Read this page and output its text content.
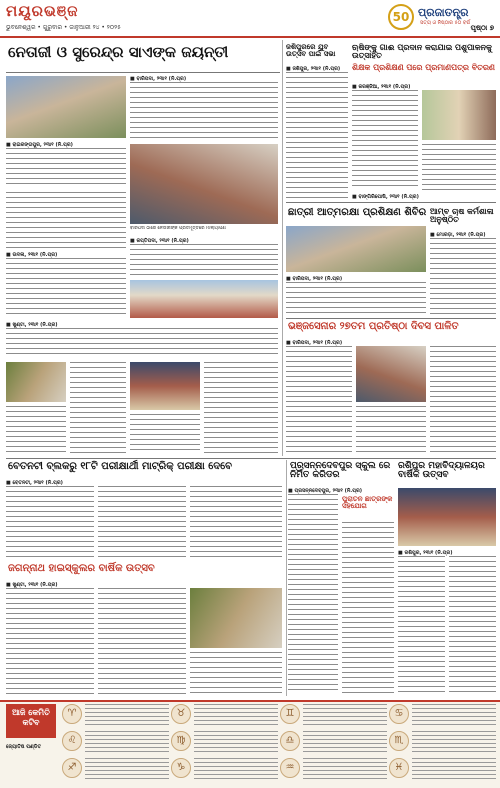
ମୟୂରଭଞ୍ଜ
ଭୁବନେଶ୍ୱର • ଗୁରୁବାର • ଜାନୁଆରୀ ୨୪ • ୨୦୨୫
50 ପ୍ରଜାତନ୍ତ୍ର
ସତ୍ୟ ଓ ନିଷ୍ଠାର ୫୦ ବର୍ଷ
ପୃଷ୍ଠା ୭
ନେତାଜୀ ଓ ସୁରେନ୍ଦ୍ର ସାଏଙ୍କ ଜୟନ୍ତୀ
■ ବାରିପଦା, ୨୩ା୧ (ନି.ପ୍ର)
■ ରାଇରଙ୍ଗପୁର, ୨୩ା୧ (ନି.ପ୍ର)
ବାରିପଦା ଠାରେ ନେତାଜୀଙ୍କ ପ୍ରତିମୂର୍ତ୍ତିରେ ମାଲ୍ୟାର୍ପଣ
■ ଉଦଳା, ୨୩ା୧ (ନି.ପ୍ର)
■ କପ୍ତିପଦା, ୨୩ା୧ (ନି.ପ୍ର)
■ ଖୁଣ୍ଟା, ୨୩ା୧ (ନି.ପ୍ର)
ଜଶିପୁରରେ ଯୁବ ଉତ୍ସବ ପାଇଁ ସଭା
■ ଜଶିପୁର, ୨୩ା୧ (ନି.ପ୍ର)
ଋଷିଙ୍କୁ ଗାଈ ପ୍ରଦାନ କରାଯାଇ ପଶୁପାଳନକୁ ଉତ୍ସାହିତ
ଶିକ୍ଷକ ପ୍ରଶିକ୍ଷଣ ପରେ ପ୍ରମାଣପତ୍ର ବିତରଣ
■ କରଞ୍ଜିଆ, ୨୩ା୧ (ନି.ପ୍ର)
■ ବାଙ୍ଗିରିପୋଷି, ୨୩ା୧ (ନି.ପ୍ର)
ଛାତ୍ରୀ ଆତ୍ମରକ୍ଷା ପ୍ରଶିକ୍ଷଣ ଶିବିର
■ ବାରିପଦା, ୨୩ା୧ (ନି.ପ୍ର)
ଆମ୍ବ ଚାଷ କର୍ମଶାଳା ଅନୁଷ୍ଠିତ
■ ମୋରଡ଼ା, ୨୩ା୧ (ନି.ପ୍ର)
ଭଞ୍ଜସେନାର ୨୭ତମ ପ୍ରତିଷ୍ଠା ଦିବସ ପାଳିତ
■ ବାରିପଦା, ୨୩ା୧ (ନି.ପ୍ର)
ବେତନଟୀ ବ୍ଲକରୁ ୧୮ଟି ପରୀକ୍ଷାର୍ଥୀ ମାଟ୍ରିକ୍ ପରୀକ୍ଷା ଦେବେ
■ ବେତନଟୀ, ୨୩ା୧ (ନି.ପ୍ର)
ଜଗନ୍ନାଥ ହାଇସ୍କୁଲର ବାର୍ଷିକ ଉତ୍ସବ
■ ଖୁଣ୍ଟା, ୨୩ା୧ (ନି.ପ୍ର)
ପ୍ରସନ୍ନଦେବପୁର ସ୍କୁଲ ରେ ନିର୍ମିତ କରିଡର
■ ପ୍ରସନ୍ନଦେବପୁର, ୨୩ା୧ (ନି.ପ୍ର)
ପୁରାତନ ଛାତ୍ରଙ୍କ ସହଯୋଗ
ରଶିପୁର ମହାବିଦ୍ୟାଳୟର ବାର୍ଷିକ ଉତ୍ସବ
■ ରଶିପୁର, ୨୩ା୧ (ନି.ପ୍ର)
ଆଜି କେମିତି କଟିବ
ଜ୍ୟୋତିଷ ପଣ୍ଡିତ
♈	♉	♊	♋
♌	♍	♎	♏
♐	♑	♒	♓
